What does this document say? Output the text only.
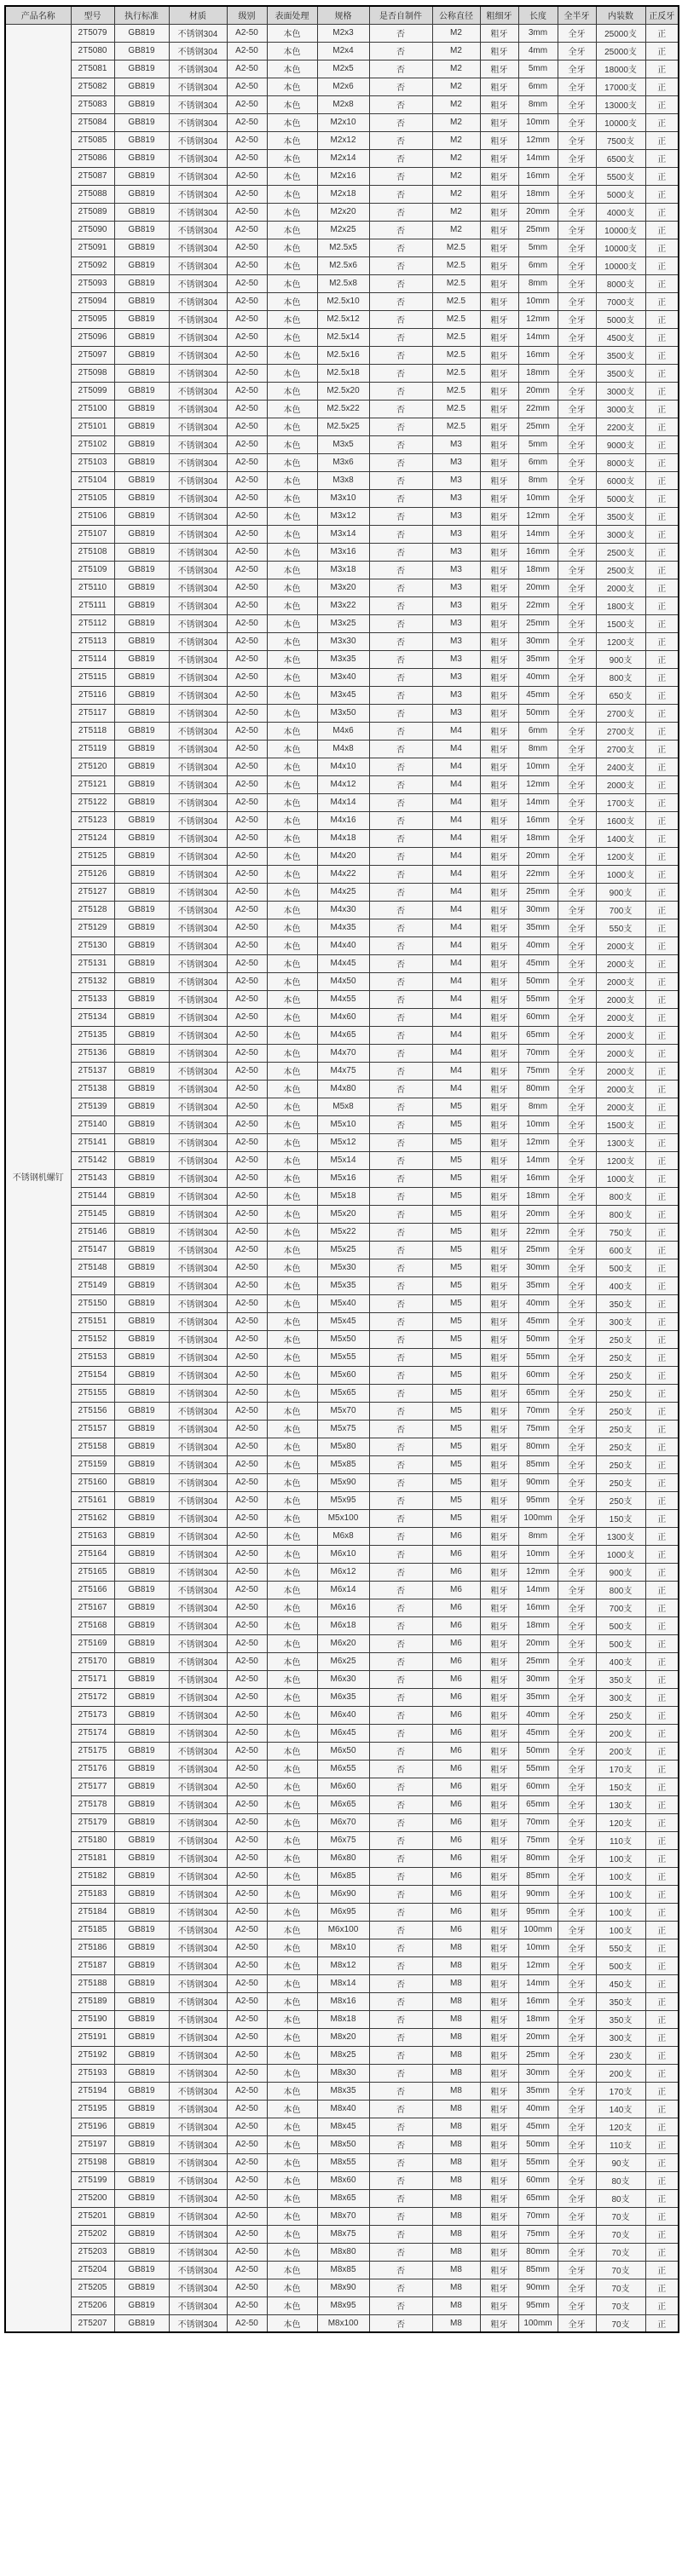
产品名称	型号	执行标准	材质	级别	表面处理	规格	是否自制件	公称直径	粗细牙	长度	全半牙	内装数	正反牙
不锈钢机螺钉	2T5079	GB819	不锈钢304	A2-50	本色	M2x3	否	M2	粗牙	3mm	全牙	25000支	正
	2T5080	GB819	不锈钢304	A2-50	本色	M2x4	否	M2	粗牙	4mm	全牙	25000支	正
	2T5081	GB819	不锈钢304	A2-50	本色	M2x5	否	M2	粗牙	5mm	全牙	18000支	正
	2T5082	GB819	不锈钢304	A2-50	本色	M2x6	否	M2	粗牙	6mm	全牙	17000支	正
	2T5083	GB819	不锈钢304	A2-50	本色	M2x8	否	M2	粗牙	8mm	全牙	13000支	正
	2T5084	GB819	不锈钢304	A2-50	本色	M2x10	否	M2	粗牙	10mm	全牙	10000支	正
	2T5085	GB819	不锈钢304	A2-50	本色	M2x12	否	M2	粗牙	12mm	全牙	7500支	正
	2T5086	GB819	不锈钢304	A2-50	本色	M2x14	否	M2	粗牙	14mm	全牙	6500支	正
	2T5087	GB819	不锈钢304	A2-50	本色	M2x16	否	M2	粗牙	16mm	全牙	5500支	正
	2T5088	GB819	不锈钢304	A2-50	本色	M2x18	否	M2	粗牙	18mm	全牙	5000支	正
	2T5089	GB819	不锈钢304	A2-50	本色	M2x20	否	M2	粗牙	20mm	全牙	4000支	正
	2T5090	GB819	不锈钢304	A2-50	本色	M2x25	否	M2	粗牙	25mm	全牙	10000支	正
	2T5091	GB819	不锈钢304	A2-50	本色	M2.5x5	否	M2.5	粗牙	5mm	全牙	10000支	正
	2T5092	GB819	不锈钢304	A2-50	本色	M2.5x6	否	M2.5	粗牙	6mm	全牙	10000支	正
	2T5093	GB819	不锈钢304	A2-50	本色	M2.5x8	否	M2.5	粗牙	8mm	全牙	8000支	正
	2T5094	GB819	不锈钢304	A2-50	本色	M2.5x10	否	M2.5	粗牙	10mm	全牙	7000支	正
	2T5095	GB819	不锈钢304	A2-50	本色	M2.5x12	否	M2.5	粗牙	12mm	全牙	5000支	正
	2T5096	GB819	不锈钢304	A2-50	本色	M2.5x14	否	M2.5	粗牙	14mm	全牙	4500支	正
	2T5097	GB819	不锈钢304	A2-50	本色	M2.5x16	否	M2.5	粗牙	16mm	全牙	3500支	正
	2T5098	GB819	不锈钢304	A2-50	本色	M2.5x18	否	M2.5	粗牙	18mm	全牙	3500支	正
	2T5099	GB819	不锈钢304	A2-50	本色	M2.5x20	否	M2.5	粗牙	20mm	全牙	3000支	正
	2T5100	GB819	不锈钢304	A2-50	本色	M2.5x22	否	M2.5	粗牙	22mm	全牙	3000支	正
	2T5101	GB819	不锈钢304	A2-50	本色	M2.5x25	否	M2.5	粗牙	25mm	全牙	2200支	正
	2T5102	GB819	不锈钢304	A2-50	本色	M3x5	否	M3	粗牙	5mm	全牙	9000支	正
	2T5103	GB819	不锈钢304	A2-50	本色	M3x6	否	M3	粗牙	6mm	全牙	8000支	正
	2T5104	GB819	不锈钢304	A2-50	本色	M3x8	否	M3	粗牙	8mm	全牙	6000支	正
	2T5105	GB819	不锈钢304	A2-50	本色	M3x10	否	M3	粗牙	10mm	全牙	5000支	正
	2T5106	GB819	不锈钢304	A2-50	本色	M3x12	否	M3	粗牙	12mm	全牙	3500支	正
	2T5107	GB819	不锈钢304	A2-50	本色	M3x14	否	M3	粗牙	14mm	全牙	3000支	正
	2T5108	GB819	不锈钢304	A2-50	本色	M3x16	否	M3	粗牙	16mm	全牙	2500支	正
	2T5109	GB819	不锈钢304	A2-50	本色	M3x18	否	M3	粗牙	18mm	全牙	2500支	正
	2T5110	GB819	不锈钢304	A2-50	本色	M3x20	否	M3	粗牙	20mm	全牙	2000支	正
	2T5111	GB819	不锈钢304	A2-50	本色	M3x22	否	M3	粗牙	22mm	全牙	1800支	正
	2T5112	GB819	不锈钢304	A2-50	本色	M3x25	否	M3	粗牙	25mm	全牙	1500支	正
	2T5113	GB819	不锈钢304	A2-50	本色	M3x30	否	M3	粗牙	30mm	全牙	1200支	正
	2T5114	GB819	不锈钢304	A2-50	本色	M3x35	否	M3	粗牙	35mm	全牙	900支	正
	2T5115	GB819	不锈钢304	A2-50	本色	M3x40	否	M3	粗牙	40mm	全牙	800支	正
	2T5116	GB819	不锈钢304	A2-50	本色	M3x45	否	M3	粗牙	45mm	全牙	650支	正
	2T5117	GB819	不锈钢304	A2-50	本色	M3x50	否	M3	粗牙	50mm	全牙	2700支	正
	2T5118	GB819	不锈钢304	A2-50	本色	M4x6	否	M4	粗牙	6mm	全牙	2700支	正
	2T5119	GB819	不锈钢304	A2-50	本色	M4x8	否	M4	粗牙	8mm	全牙	2700支	正
	2T5120	GB819	不锈钢304	A2-50	本色	M4x10	否	M4	粗牙	10mm	全牙	2400支	正
	2T5121	GB819	不锈钢304	A2-50	本色	M4x12	否	M4	粗牙	12mm	全牙	2000支	正
	2T5122	GB819	不锈钢304	A2-50	本色	M4x14	否	M4	粗牙	14mm	全牙	1700支	正
	2T5123	GB819	不锈钢304	A2-50	本色	M4x16	否	M4	粗牙	16mm	全牙	1600支	正
	2T5124	GB819	不锈钢304	A2-50	本色	M4x18	否	M4	粗牙	18mm	全牙	1400支	正
	2T5125	GB819	不锈钢304	A2-50	本色	M4x20	否	M4	粗牙	20mm	全牙	1200支	正
	2T5126	GB819	不锈钢304	A2-50	本色	M4x22	否	M4	粗牙	22mm	全牙	1000支	正
	2T5127	GB819	不锈钢304	A2-50	本色	M4x25	否	M4	粗牙	25mm	全牙	900支	正
	2T5128	GB819	不锈钢304	A2-50	本色	M4x30	否	M4	粗牙	30mm	全牙	700支	正
	2T5129	GB819	不锈钢304	A2-50	本色	M4x35	否	M4	粗牙	35mm	全牙	550支	正
	2T5130	GB819	不锈钢304	A2-50	本色	M4x40	否	M4	粗牙	40mm	全牙	2000支	正
	2T5131	GB819	不锈钢304	A2-50	本色	M4x45	否	M4	粗牙	45mm	全牙	2000支	正
	2T5132	GB819	不锈钢304	A2-50	本色	M4x50	否	M4	粗牙	50mm	全牙	2000支	正
	2T5133	GB819	不锈钢304	A2-50	本色	M4x55	否	M4	粗牙	55mm	全牙	2000支	正
	2T5134	GB819	不锈钢304	A2-50	本色	M4x60	否	M4	粗牙	60mm	全牙	2000支	正
	2T5135	GB819	不锈钢304	A2-50	本色	M4x65	否	M4	粗牙	65mm	全牙	2000支	正
	2T5136	GB819	不锈钢304	A2-50	本色	M4x70	否	M4	粗牙	70mm	全牙	2000支	正
	2T5137	GB819	不锈钢304	A2-50	本色	M4x75	否	M4	粗牙	75mm	全牙	2000支	正
	2T5138	GB819	不锈钢304	A2-50	本色	M4x80	否	M4	粗牙	80mm	全牙	2000支	正
	2T5139	GB819	不锈钢304	A2-50	本色	M5x8	否	M5	粗牙	8mm	全牙	2000支	正
	2T5140	GB819	不锈钢304	A2-50	本色	M5x10	否	M5	粗牙	10mm	全牙	1500支	正
	2T5141	GB819	不锈钢304	A2-50	本色	M5x12	否	M5	粗牙	12mm	全牙	1300支	正
	2T5142	GB819	不锈钢304	A2-50	本色	M5x14	否	M5	粗牙	14mm	全牙	1200支	正
	2T5143	GB819	不锈钢304	A2-50	本色	M5x16	否	M5	粗牙	16mm	全牙	1000支	正
	2T5144	GB819	不锈钢304	A2-50	本色	M5x18	否	M5	粗牙	18mm	全牙	800支	正
	2T5145	GB819	不锈钢304	A2-50	本色	M5x20	否	M5	粗牙	20mm	全牙	800支	正
	2T5146	GB819	不锈钢304	A2-50	本色	M5x22	否	M5	粗牙	22mm	全牙	750支	正
	2T5147	GB819	不锈钢304	A2-50	本色	M5x25	否	M5	粗牙	25mm	全牙	600支	正
	2T5148	GB819	不锈钢304	A2-50	本色	M5x30	否	M5	粗牙	30mm	全牙	500支	正
	2T5149	GB819	不锈钢304	A2-50	本色	M5x35	否	M5	粗牙	35mm	全牙	400支	正
	2T5150	GB819	不锈钢304	A2-50	本色	M5x40	否	M5	粗牙	40mm	全牙	350支	正
	2T5151	GB819	不锈钢304	A2-50	本色	M5x45	否	M5	粗牙	45mm	全牙	300支	正
	2T5152	GB819	不锈钢304	A2-50	本色	M5x50	否	M5	粗牙	50mm	全牙	250支	正
	2T5153	GB819	不锈钢304	A2-50	本色	M5x55	否	M5	粗牙	55mm	全牙	250支	正
	2T5154	GB819	不锈钢304	A2-50	本色	M5x60	否	M5	粗牙	60mm	全牙	250支	正
	2T5155	GB819	不锈钢304	A2-50	本色	M5x65	否	M5	粗牙	65mm	全牙	250支	正
	2T5156	GB819	不锈钢304	A2-50	本色	M5x70	否	M5	粗牙	70mm	全牙	250支	正
	2T5157	GB819	不锈钢304	A2-50	本色	M5x75	否	M5	粗牙	75mm	全牙	250支	正
	2T5158	GB819	不锈钢304	A2-50	本色	M5x80	否	M5	粗牙	80mm	全牙	250支	正
	2T5159	GB819	不锈钢304	A2-50	本色	M5x85	否	M5	粗牙	85mm	全牙	250支	正
	2T5160	GB819	不锈钢304	A2-50	本色	M5x90	否	M5	粗牙	90mm	全牙	250支	正
	2T5161	GB819	不锈钢304	A2-50	本色	M5x95	否	M5	粗牙	95mm	全牙	250支	正
	2T5162	GB819	不锈钢304	A2-50	本色	M5x100	否	M5	粗牙	100mm	全牙	150支	正
	2T5163	GB819	不锈钢304	A2-50	本色	M6x8	否	M6	粗牙	8mm	全牙	1300支	正
	2T5164	GB819	不锈钢304	A2-50	本色	M6x10	否	M6	粗牙	10mm	全牙	1000支	正
	2T5165	GB819	不锈钢304	A2-50	本色	M6x12	否	M6	粗牙	12mm	全牙	900支	正
	2T5166	GB819	不锈钢304	A2-50	本色	M6x14	否	M6	粗牙	14mm	全牙	800支	正
	2T5167	GB819	不锈钢304	A2-50	本色	M6x16	否	M6	粗牙	16mm	全牙	700支	正
	2T5168	GB819	不锈钢304	A2-50	本色	M6x18	否	M6	粗牙	18mm	全牙	500支	正
	2T5169	GB819	不锈钢304	A2-50	本色	M6x20	否	M6	粗牙	20mm	全牙	500支	正
	2T5170	GB819	不锈钢304	A2-50	本色	M6x25	否	M6	粗牙	25mm	全牙	400支	正
	2T5171	GB819	不锈钢304	A2-50	本色	M6x30	否	M6	粗牙	30mm	全牙	350支	正
	2T5172	GB819	不锈钢304	A2-50	本色	M6x35	否	M6	粗牙	35mm	全牙	300支	正
	2T5173	GB819	不锈钢304	A2-50	本色	M6x40	否	M6	粗牙	40mm	全牙	250支	正
	2T5174	GB819	不锈钢304	A2-50	本色	M6x45	否	M6	粗牙	45mm	全牙	200支	正
	2T5175	GB819	不锈钢304	A2-50	本色	M6x50	否	M6	粗牙	50mm	全牙	200支	正
	2T5176	GB819	不锈钢304	A2-50	本色	M6x55	否	M6	粗牙	55mm	全牙	170支	正
	2T5177	GB819	不锈钢304	A2-50	本色	M6x60	否	M6	粗牙	60mm	全牙	150支	正
	2T5178	GB819	不锈钢304	A2-50	本色	M6x65	否	M6	粗牙	65mm	全牙	130支	正
	2T5179	GB819	不锈钢304	A2-50	本色	M6x70	否	M6	粗牙	70mm	全牙	120支	正
	2T5180	GB819	不锈钢304	A2-50	本色	M6x75	否	M6	粗牙	75mm	全牙	110支	正
	2T5181	GB819	不锈钢304	A2-50	本色	M6x80	否	M6	粗牙	80mm	全牙	100支	正
	2T5182	GB819	不锈钢304	A2-50	本色	M6x85	否	M6	粗牙	85mm	全牙	100支	正
	2T5183	GB819	不锈钢304	A2-50	本色	M6x90	否	M6	粗牙	90mm	全牙	100支	正
	2T5184	GB819	不锈钢304	A2-50	本色	M6x95	否	M6	粗牙	95mm	全牙	100支	正
	2T5185	GB819	不锈钢304	A2-50	本色	M6x100	否	M6	粗牙	100mm	全牙	100支	正
	2T5186	GB819	不锈钢304	A2-50	本色	M8x10	否	M8	粗牙	10mm	全牙	550支	正
	2T5187	GB819	不锈钢304	A2-50	本色	M8x12	否	M8	粗牙	12mm	全牙	500支	正
	2T5188	GB819	不锈钢304	A2-50	本色	M8x14	否	M8	粗牙	14mm	全牙	450支	正
	2T5189	GB819	不锈钢304	A2-50	本色	M8x16	否	M8	粗牙	16mm	全牙	350支	正
	2T5190	GB819	不锈钢304	A2-50	本色	M8x18	否	M8	粗牙	18mm	全牙	350支	正
	2T5191	GB819	不锈钢304	A2-50	本色	M8x20	否	M8	粗牙	20mm	全牙	300支	正
	2T5192	GB819	不锈钢304	A2-50	本色	M8x25	否	M8	粗牙	25mm	全牙	230支	正
	2T5193	GB819	不锈钢304	A2-50	本色	M8x30	否	M8	粗牙	30mm	全牙	200支	正
	2T5194	GB819	不锈钢304	A2-50	本色	M8x35	否	M8	粗牙	35mm	全牙	170支	正
	2T5195	GB819	不锈钢304	A2-50	本色	M8x40	否	M8	粗牙	40mm	全牙	140支	正
	2T5196	GB819	不锈钢304	A2-50	本色	M8x45	否	M8	粗牙	45mm	全牙	120支	正
	2T5197	GB819	不锈钢304	A2-50	本色	M8x50	否	M8	粗牙	50mm	全牙	110支	正
	2T5198	GB819	不锈钢304	A2-50	本色	M8x55	否	M8	粗牙	55mm	全牙	90支	正
	2T5199	GB819	不锈钢304	A2-50	本色	M8x60	否	M8	粗牙	60mm	全牙	80支	正
	2T5200	GB819	不锈钢304	A2-50	本色	M8x65	否	M8	粗牙	65mm	全牙	80支	正
	2T5201	GB819	不锈钢304	A2-50	本色	M8x70	否	M8	粗牙	70mm	全牙	70支	正
	2T5202	GB819	不锈钢304	A2-50	本色	M8x75	否	M8	粗牙	75mm	全牙	70支	正
	2T5203	GB819	不锈钢304	A2-50	本色	M8x80	否	M8	粗牙	80mm	全牙	70支	正
	2T5204	GB819	不锈钢304	A2-50	本色	M8x85	否	M8	粗牙	85mm	全牙	70支	正
	2T5205	GB819	不锈钢304	A2-50	本色	M8x90	否	M8	粗牙	90mm	全牙	70支	正
	2T5206	GB819	不锈钢304	A2-50	本色	M8x95	否	M8	粗牙	95mm	全牙	70支	正
	2T5207	GB819	不锈钢304	A2-50	本色	M8x100	否	M8	粗牙	100mm	全牙	70支	正
